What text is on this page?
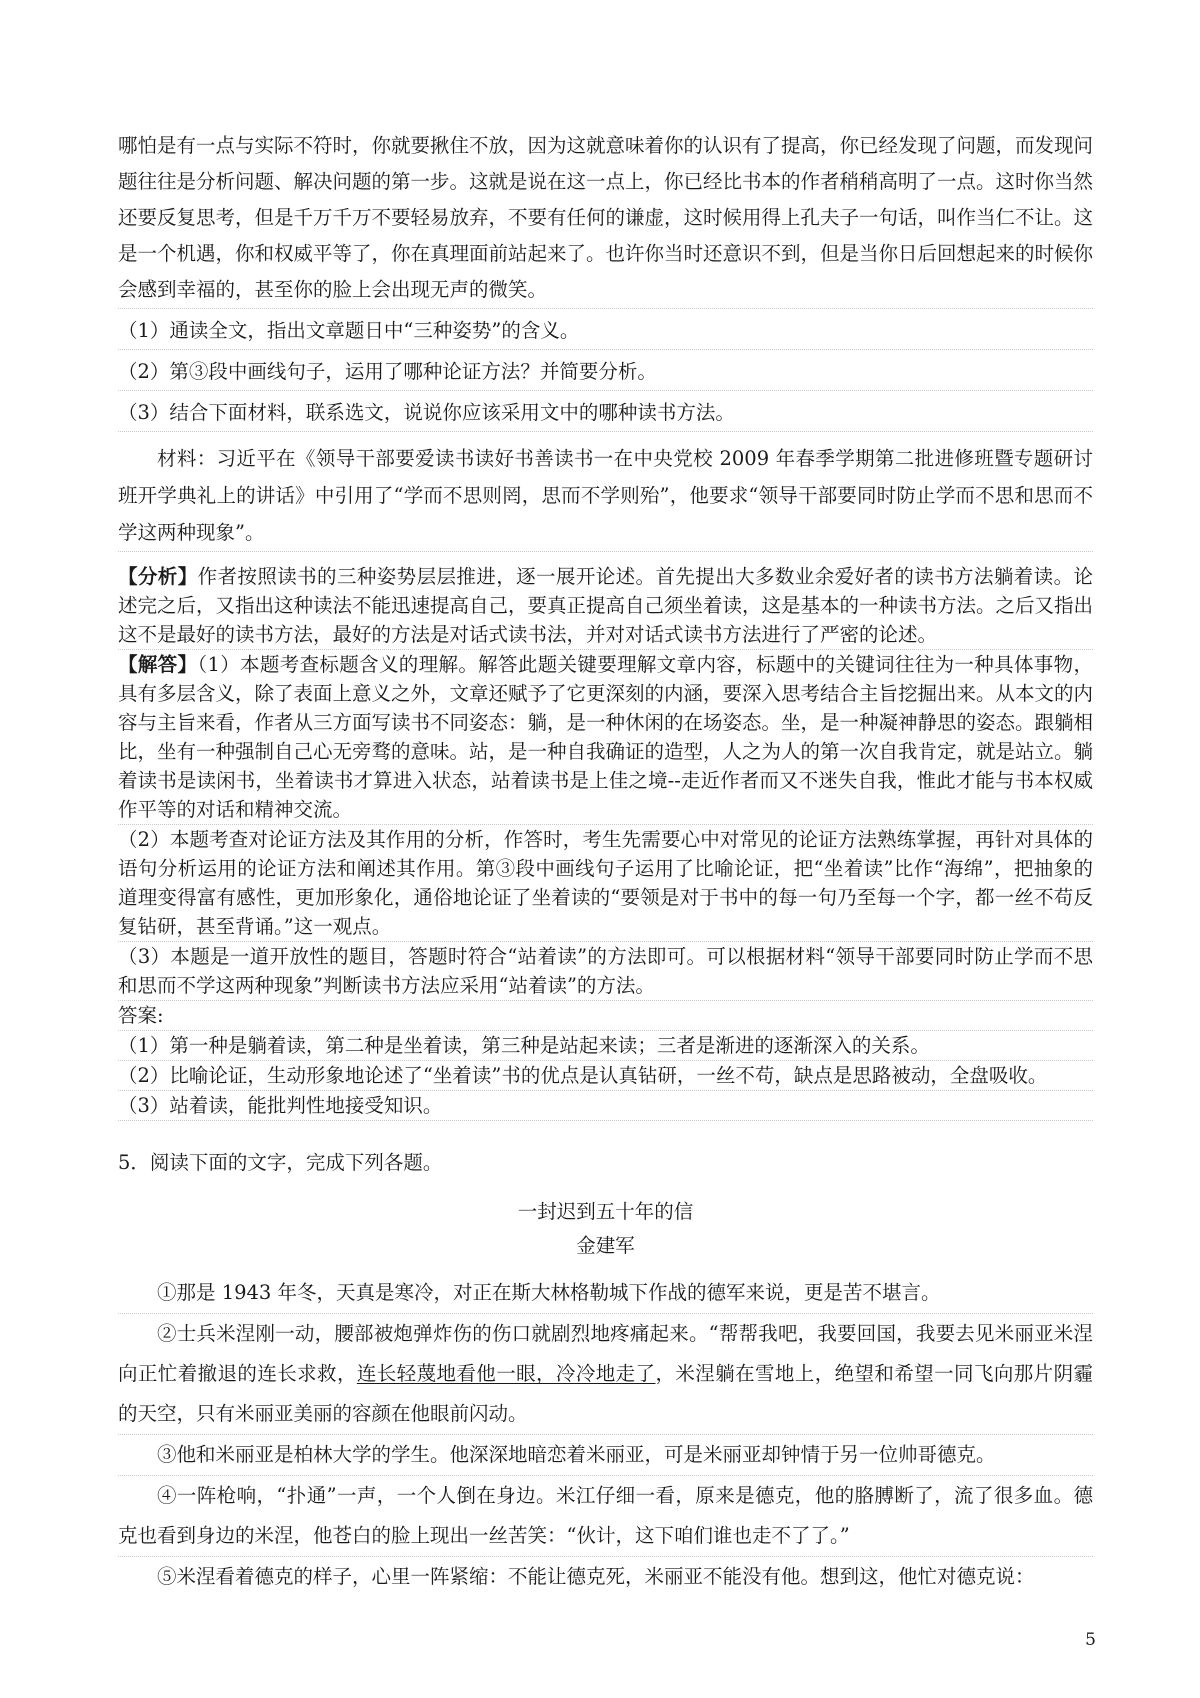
哪怕是有一点与实际不符时，你就要揪住不放，因为这就意味着你的认识有了提高，你已经发现了问题，而发现问题往往是分析问题、解决问题的第一步。这就是说在这一点上，你已经比书本的作者稍稍高明了一点。这时你当然还要反复思考，但是千万千万不要轻易放弃，不要有任何的谦虚，这时候用得上孔夫子一句话，叫作当仁不让。这是一个机遇，你和权威平等了，你在真理面前站起来了。也许你当时还意识不到，但是当你日后回想起来的时候你会感到幸福的，甚至你的脸上会出现无声的微笑。

（1）通读全文，指出文章题日中“三种姿势”的含义。

（2）第③段中画线句子，运用了哪种论证方法？并简要分析。

（3）结合下面材料，联系选文，说说你应该采用文中的哪种读书方法。

材料：习近平在《领导干部要爱读书读好书善读书一在中央党校 2009 年春季学期第二批进修班暨专题研讨班开学典礼上的讲话》中引用了“学而不思则罔，思而不学则殆”，他要求“领导干部要同时防止学而不思和思而不学这两种现象”。

【分析】作者按照读书的三种姿势层层推进，逐一展开论述。首先提出大多数业余爱好者的读书方法躺着读。论述完之后，又指出这种读法不能迅速提高自己，要真正提高自己须坐着读，这是基本的一种读书方法。之后又指出这不是最好的读书方法，最好的方法是对话式读书法，并对对话式读书方法进行了严密的论述。

【解答】（1）本题考查标题含义的理解。解答此题关键要理解文章内容，标题中的关键词往往为一种具体事物，具有多层含义，除了表面上意义之外，文章还赋予了它更深刻的内涵，要深入思考结合主旨挖掘出来。从本文的内容与主旨来看，作者从三方面写读书不同姿态：躺，是一种休闲的在场姿态。坐，是一种凝神静思的姿态。跟躺相比，坐有一种强制自己心无旁骛的意味。站，是一种自我确证的造型，人之为人的第一次自我肯定，就是站立。躺着读书是读闲书，坐着读书才算进入状态，站着读书是上佳之境--走近作者而又不迷失自我，惟此才能与书本权威作平等的对话和精神交流。

（2）本题考查对论证方法及其作用的分析，作答时，考生先需要心中对常见的论证方法熟练掌握，再针对具体的语句分析运用的论证方法和阐述其作用。第③段中画线句子运用了比喻论证，把“坐着读”比作“海绵”，把抽象的道理变得富有感性，更加形象化，通俗地论证了坐着读的“要领是对于书中的每一句乃至每一个字，都一丝不苟反复钻研，甚至背诵。”这一观点。

（3）本题是一道开放性的题目，答题时符合“站着读”的方法即可。可以根据材料“领导干部要同时防止学而不思和思而不学这两种现象”判断读书方法应采用“站着读”的方法。

答案:

（1）第一种是躺着读，第二种是坐着读，第三种是站起来读；三者是渐进的逐渐深入的关系。

（2）比喻论证，生动形象地论述了“坐着读”书的优点是认真钻研，一丝不苟，缺点是思路被动，全盘吸收。

（3）站着读，能批判性地接受知识。

5．阅读下面的文字，完成下列各题。

一封迟到五十年的信

金建军

①那是 1943 年冬，天真是寒冷，对正在斯大林格勒城下作战的德军来说，更是苦不堪言。

②士兵米涅刚一动，腰部被炮弹炸伤的伤口就剧烈地疼痛起来。“帮帮我吧，我要回国，我要去见米丽亚米涅向正忙着撤退的连长求救，连长轻蔑地看他一眼，冷冷地走了，米涅躺在雪地上，绝望和希望一同飞向那片阴霾的天空，只有米丽亚美丽的容颜在他眼前闪动。

③他和米丽亚是柏林大学的学生。他深深地暗恋着米丽亚，可是米丽亚却钟情于另一位帅哥德克。

④一阵枪响，“扑通”一声，一个人倒在身边。米江仔细一看，原来是德克，他的胳膊断了，流了很多血。德克也看到身边的米涅，他苍白的脸上现出一丝苦笑：“伙计，这下咱们谁也走不了了。”

⑤米涅看着德克的样子，心里一阵紧缩：不能让德克死，米丽亚不能没有他。想到这，他忙对德克说：

5
